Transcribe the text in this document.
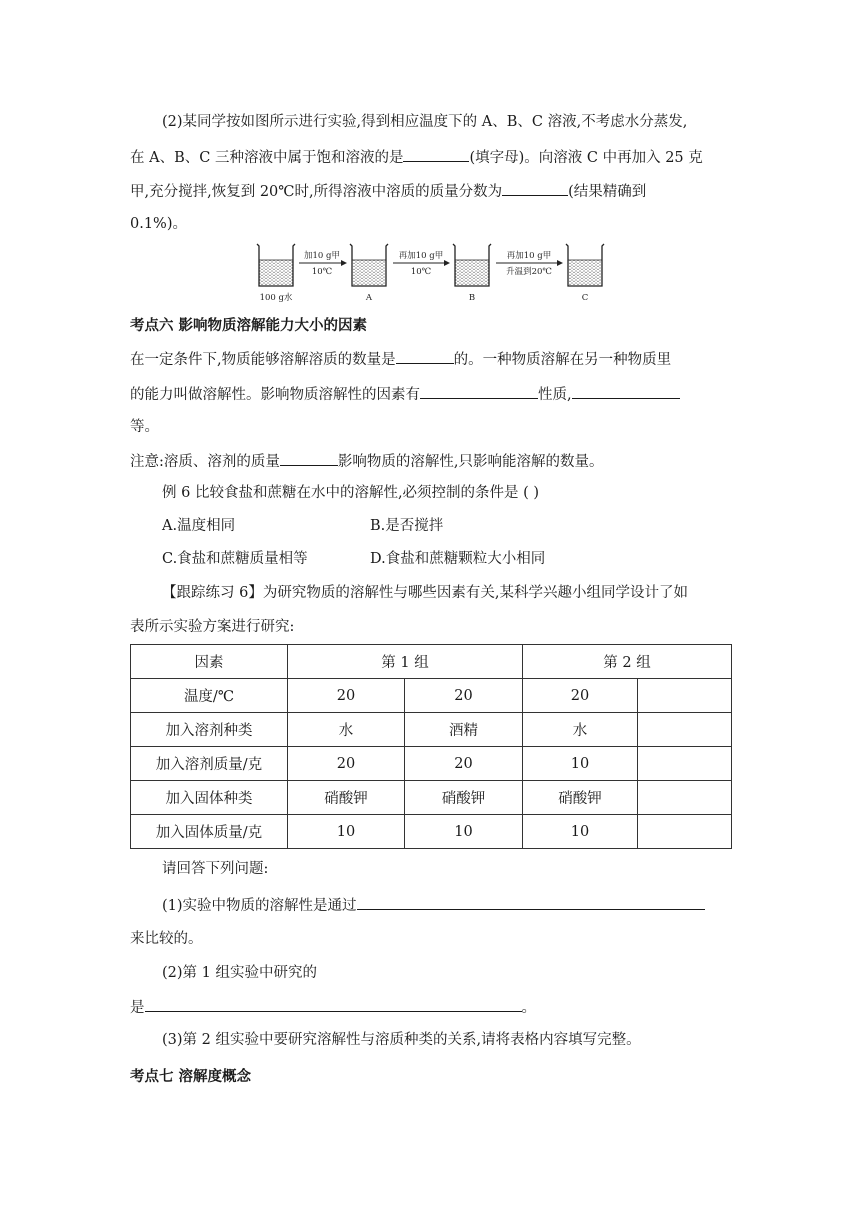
(2)某同学按如图所示进行实验,得到相应温度下的 A、B、C 溶液,不考虑水分蒸发,
在 A、B、C 三种溶液中属于饱和溶液的是	(填字母)。向溶液 C 中再加入 25 克
甲,充分搅拌,恢复到 20℃时,所得溶液中溶质的质量分数为	(结果精确到
0.1%)。
加10 g甲
10℃
再加10 g甲
10℃
再加10 g甲
升温到20℃
100 g水	A	B	C
考点六 影响物质溶解能力大小的因素
在一定条件下,物质能够溶解溶质的数量是	的。一种物质溶解在另一种物质里
的能力叫做溶解性。影响物质溶解性的因素有	性质,
等。
注意:溶质、溶剂的质量	影响物质的溶解性,只影响能溶解的数量。
例 6 比较食盐和蔗糖在水中的溶解性,必须控制的条件是 ( )
A.温度相同	B.是否搅拌
C.食盐和蔗糖质量相等	D.食盐和蔗糖颗粒大小相同
【跟踪练习 6】为研究物质的溶解性与哪些因素有关,某科学兴趣小组同学设计了如
表所示实验方案进行研究:
因素	第 1 组		第 2 组	
温度/℃	20	20	20	
加入溶剂种类	水	酒精	水	
加入溶剂质量/克	20	20	10	
加入固体种类	硝酸钾	硝酸钾	硝酸钾	
加入固体质量/克	10	10	10	
请回答下列问题:
(1)实验中物质的溶解性是通过
来比较的。
(2)第 1 组实验中研究的
是	。
(3)第 2 组实验中要研究溶解性与溶质种类的关系,请将表格内容填写完整。
考点七 溶解度概念
